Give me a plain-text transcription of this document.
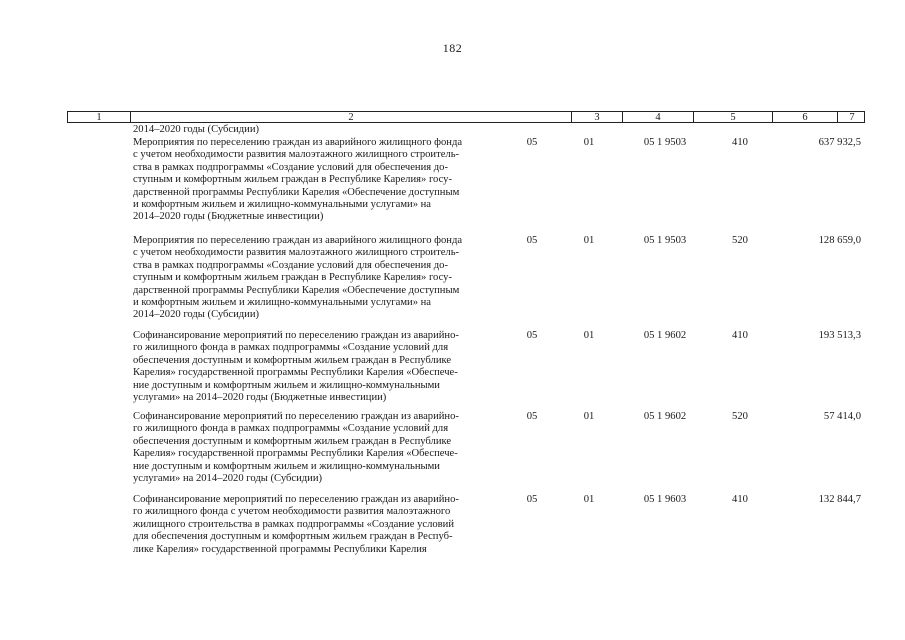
182
1	2	3	4	5	6	7
2014–2020 годы (Субсидии)
Мероприятия по переселению граждан из аварийного жилищного фонда
с учетом необходимости развития малоэтажного жилищного строитель-
ства в рамках подпрограммы «Создание условий для обеспечения до-
ступным и комфортным жильем граждан в Республике Карелия» госу-
дарственной программы Республики Карелия «Обеспечение доступным
и комфортным жильем и жилищно-коммунальными услугами» на
2014–2020 годы (Бюджетные инвестиции)
05	01	05 1 9503	410	637 932,5
Мероприятия по переселению граждан из аварийного жилищного фонда
с учетом необходимости развития малоэтажного жилищного строитель-
ства в рамках подпрограммы «Создание условий для обеспечения до-
ступным и комфортным жильем граждан в Республике Карелия» госу-
дарственной программы Республики Карелия «Обеспечение доступным
и комфортным жильем и жилищно-коммунальными услугами» на
2014–2020 годы (Субсидии)
05	01	05 1 9503	520	128 659,0
Софинансирование мероприятий по переселению граждан из аварийно-
го жилищного фонда в рамках подпрограммы «Создание условий для
обеспечения доступным и комфортным жильем граждан в Республике
Карелия» государственной программы Республики Карелия «Обеспече-
ние доступным и комфортным жильем и жилищно-коммунальными
услугами» на 2014–2020 годы (Бюджетные инвестиции)
05	01	05 1 9602	410	193 513,3
Софинансирование мероприятий по переселению граждан из аварийно-
го жилищного фонда в рамках подпрограммы «Создание условий для
обеспечения доступным и комфортным жильем граждан в Республике
Карелия» государственной программы Республики Карелия «Обеспече-
ние доступным и комфортным жильем и жилищно-коммунальными
услугами» на 2014–2020 годы (Субсидии)
05	01	05 1 9602	520	57 414,0
Софинансирование мероприятий по переселению граждан из аварийно-
го жилищного фонда с учетом необходимости развития малоэтажного
жилищного строительства в рамках подпрограммы «Создание условий
для обеспечения доступным и комфортным жильем граждан в Респуб-
лике Карелия» государственной программы Республики Карелия
05	01	05 1 9603	410	132 844,7
